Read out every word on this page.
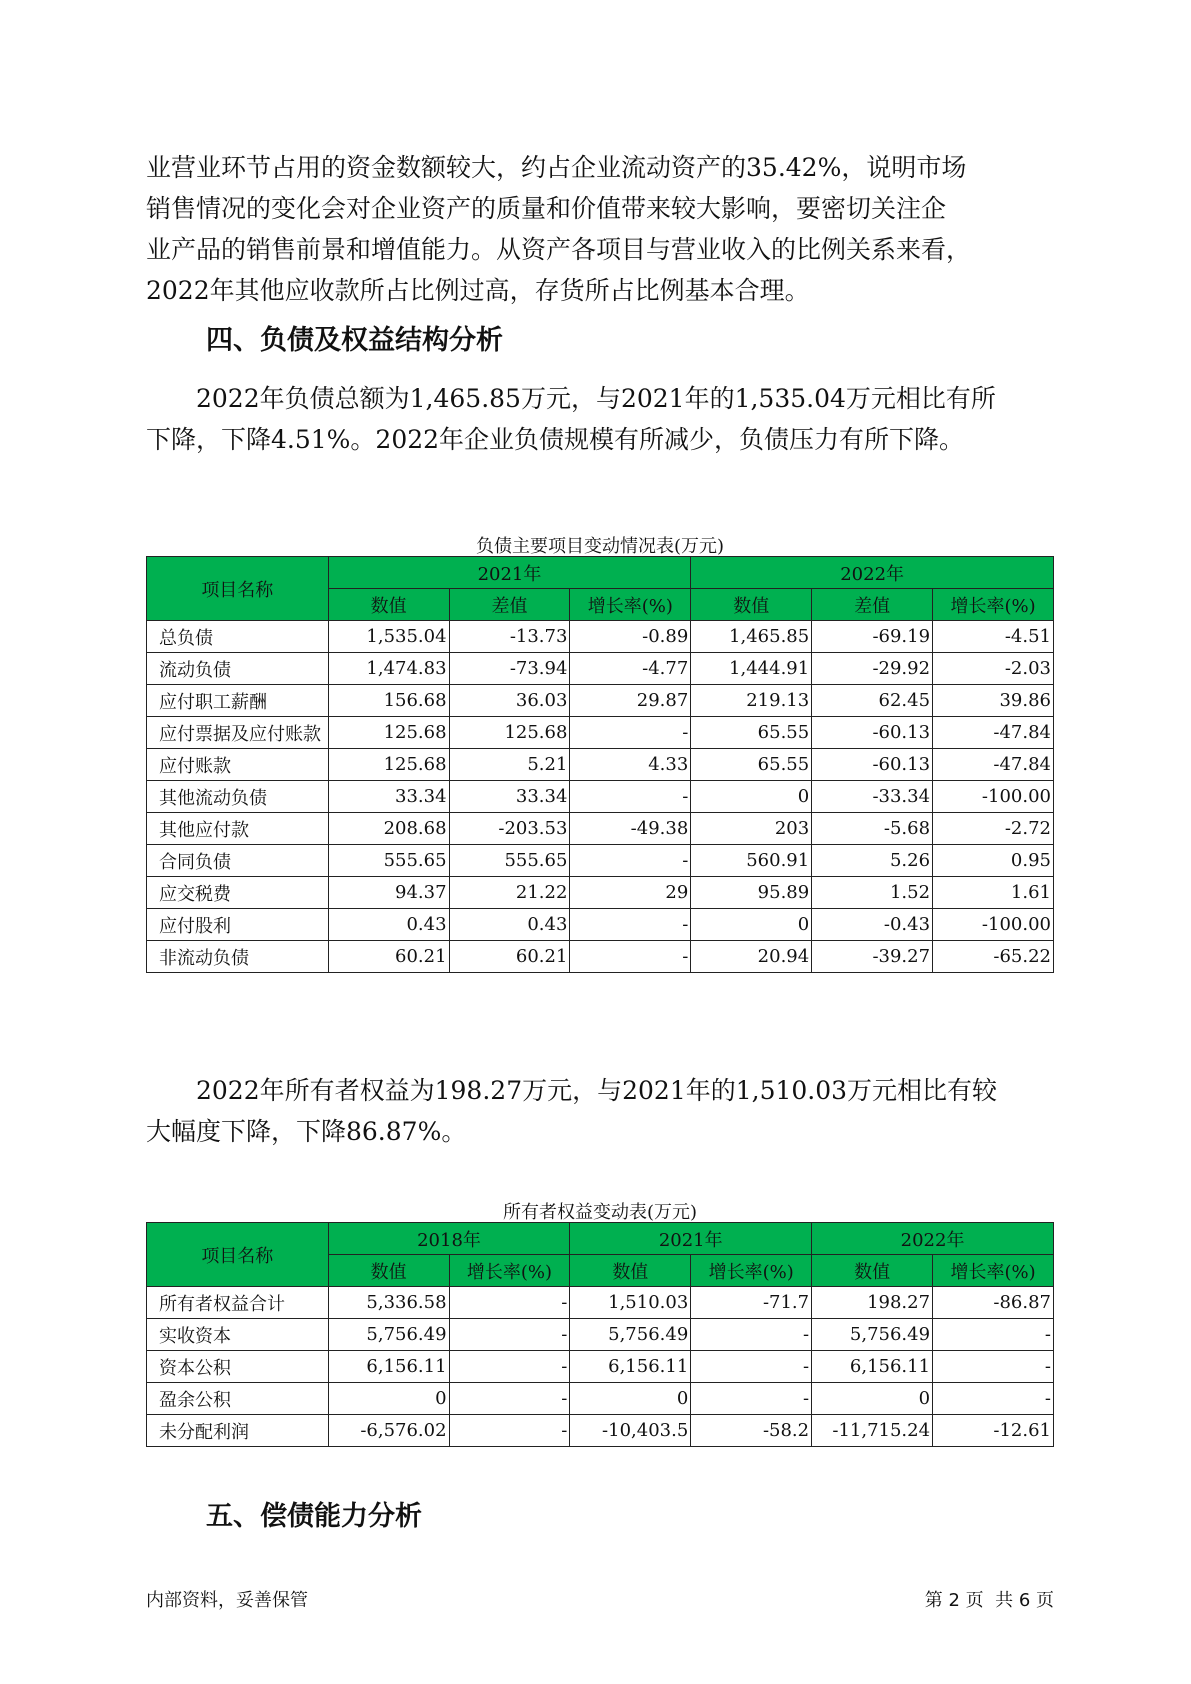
业营业环节占用的资金数额较大，约占企业流动资产的35.42%，说明市场
销售情况的变化会对企业资产的质量和价值带来较大影响，要密切关注企
业产品的销售前景和增值能力。从资产各项目与营业收入的比例关系来看，
2022年其他应收款所占比例过高，存货所占比例基本合理。
四、负债及权益结构分析
2022年负债总额为1,465.85万元，与2021年的1,535.04万元相比有所
下降，下降4.51%。2022年企业负债规模有所减少，负债压力有所下降。

负债主要项目变动情况表(万元)

项目名称	2021年			2022年		
	数值	差值	增长率(%)	数值	差值	增长率(%)
总负债	1,535.04	-13.73	-0.89	1,465.85	-69.19	-4.51
流动负债	1,474.83	-73.94	-4.77	1,444.91	-29.92	-2.03
应付职工薪酬	156.68	36.03	29.87	219.13	62.45	39.86
应付票据及应付账款	125.68	125.68	-	65.55	-60.13	-47.84
应付账款	125.68	5.21	4.33	65.55	-60.13	-47.84
其他流动负债	33.34	33.34	-	0	-33.34	-100.00
其他应付款	208.68	-203.53	-49.38	203	-5.68	-2.72
合同负债	555.65	555.65	-	560.91	5.26	0.95
应交税费	94.37	21.22	29	95.89	1.52	1.61
应付股利	0.43	0.43	-	0	-0.43	-100.00
非流动负债	60.21	60.21	-	20.94	-39.27	-65.22
2022年所有者权益为198.27万元，与2021年的1,510.03万元相比有较
大幅度下降，下降86.87%。

所有者权益变动表(万元)

项目名称	2018年		2021年		2022年	
	数值	增长率(%)	数值	增长率(%)	数值	增长率(%)
所有者权益合计	5,336.58	-	1,510.03	-71.7	198.27	-86.87
实收资本	5,756.49	-	5,756.49	-	5,756.49	-
资本公积	6,156.11	-	6,156.11	-	6,156.11	-
盈余公积	0	-	0	-	0	-
未分配利润	-6,576.02	-	-10,403.5	-58.2	-11,715.24	-12.61
五、偿债能力分析
内部资料，妥善保管	第 2 页  共 6 页
